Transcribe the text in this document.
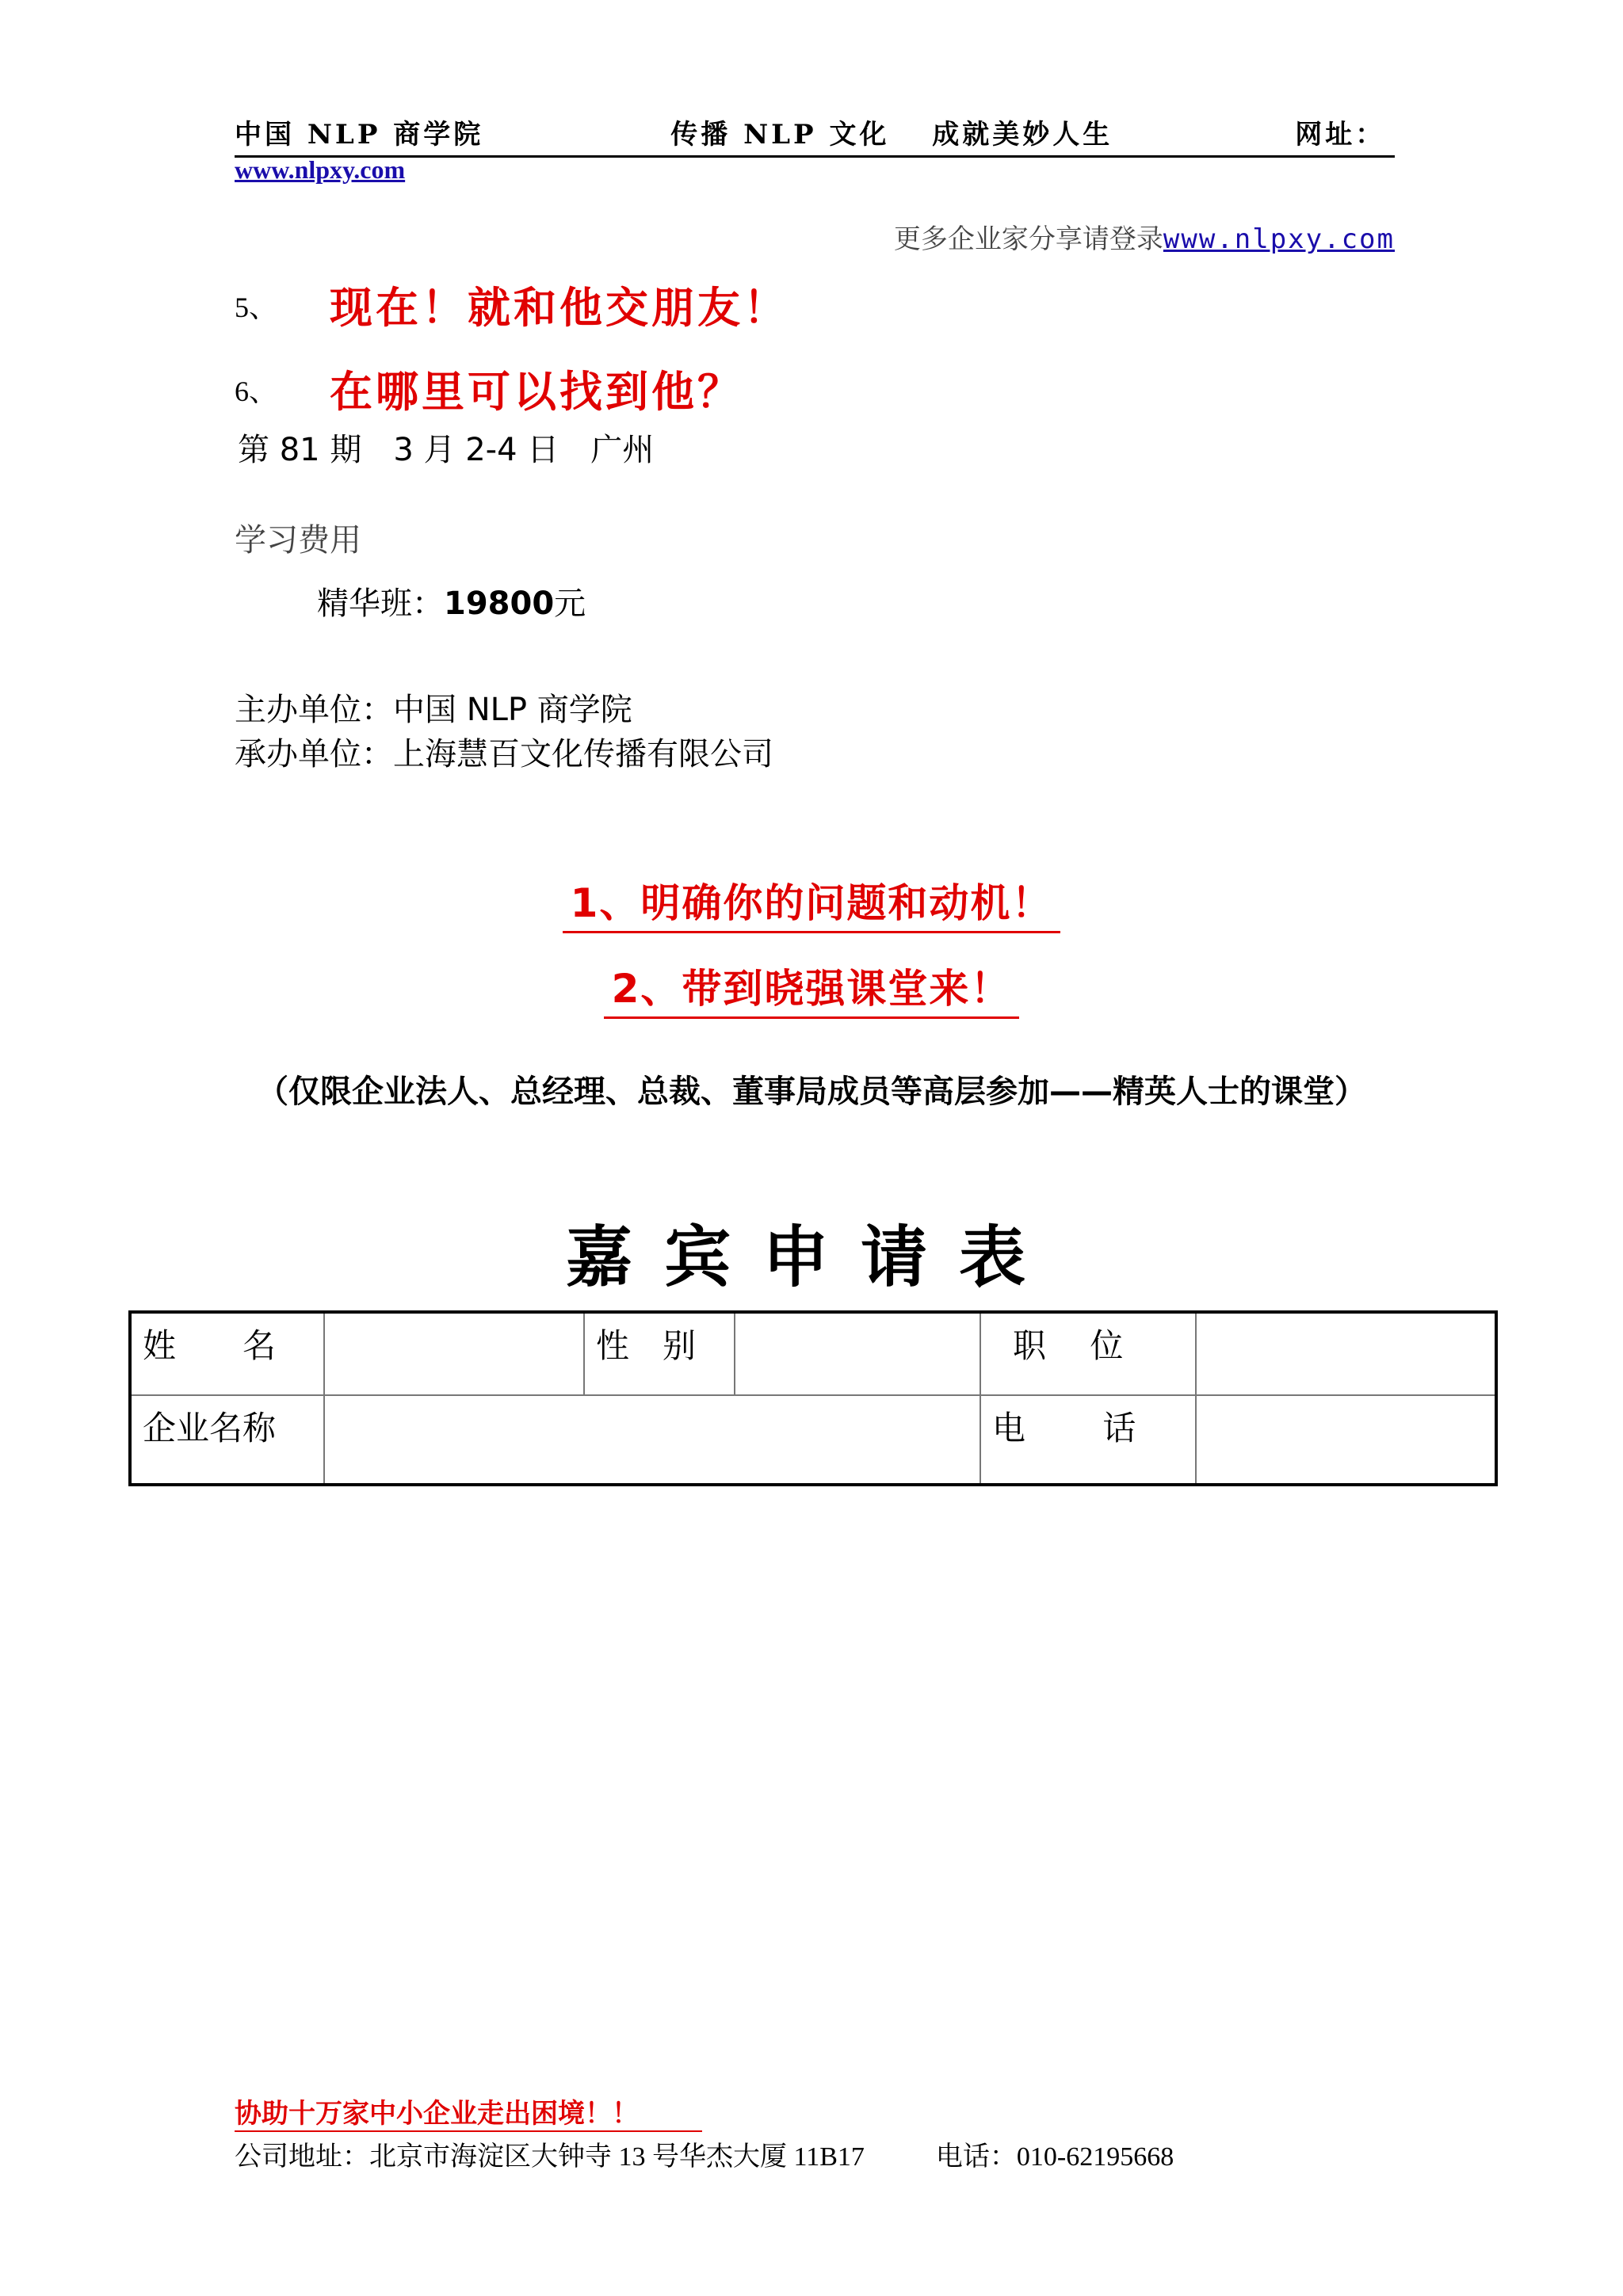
中国 NLP 商学院	传播 NLP 文化　 成就美妙人生	网址：
www.nlpxy.com
更多企业家分享请登录www.nlpxy.com
5、 现在！就和他交朋友！
6、 在哪里可以找到他？
第 81 期　3 月 2-4 日　广州
学习费用
精华班：19800元
主办单位：中国 NLP 商学院
承办单位：上海慧百文化传播有限公司
1、明确你的问题和动机！
2、带到晓强课堂来！
（仅限企业法人、总经理、总裁、董事局成员等高层参加——精英人士的课堂）
嘉宾申请表
姓　　名		性　别		职　 位	
企业名称				电　　 话	
协助十万家中小企业走出困境！！
公司地址：北京市海淀区大钟寺 13 号华杰大厦 11B17	电话：010-62195668
